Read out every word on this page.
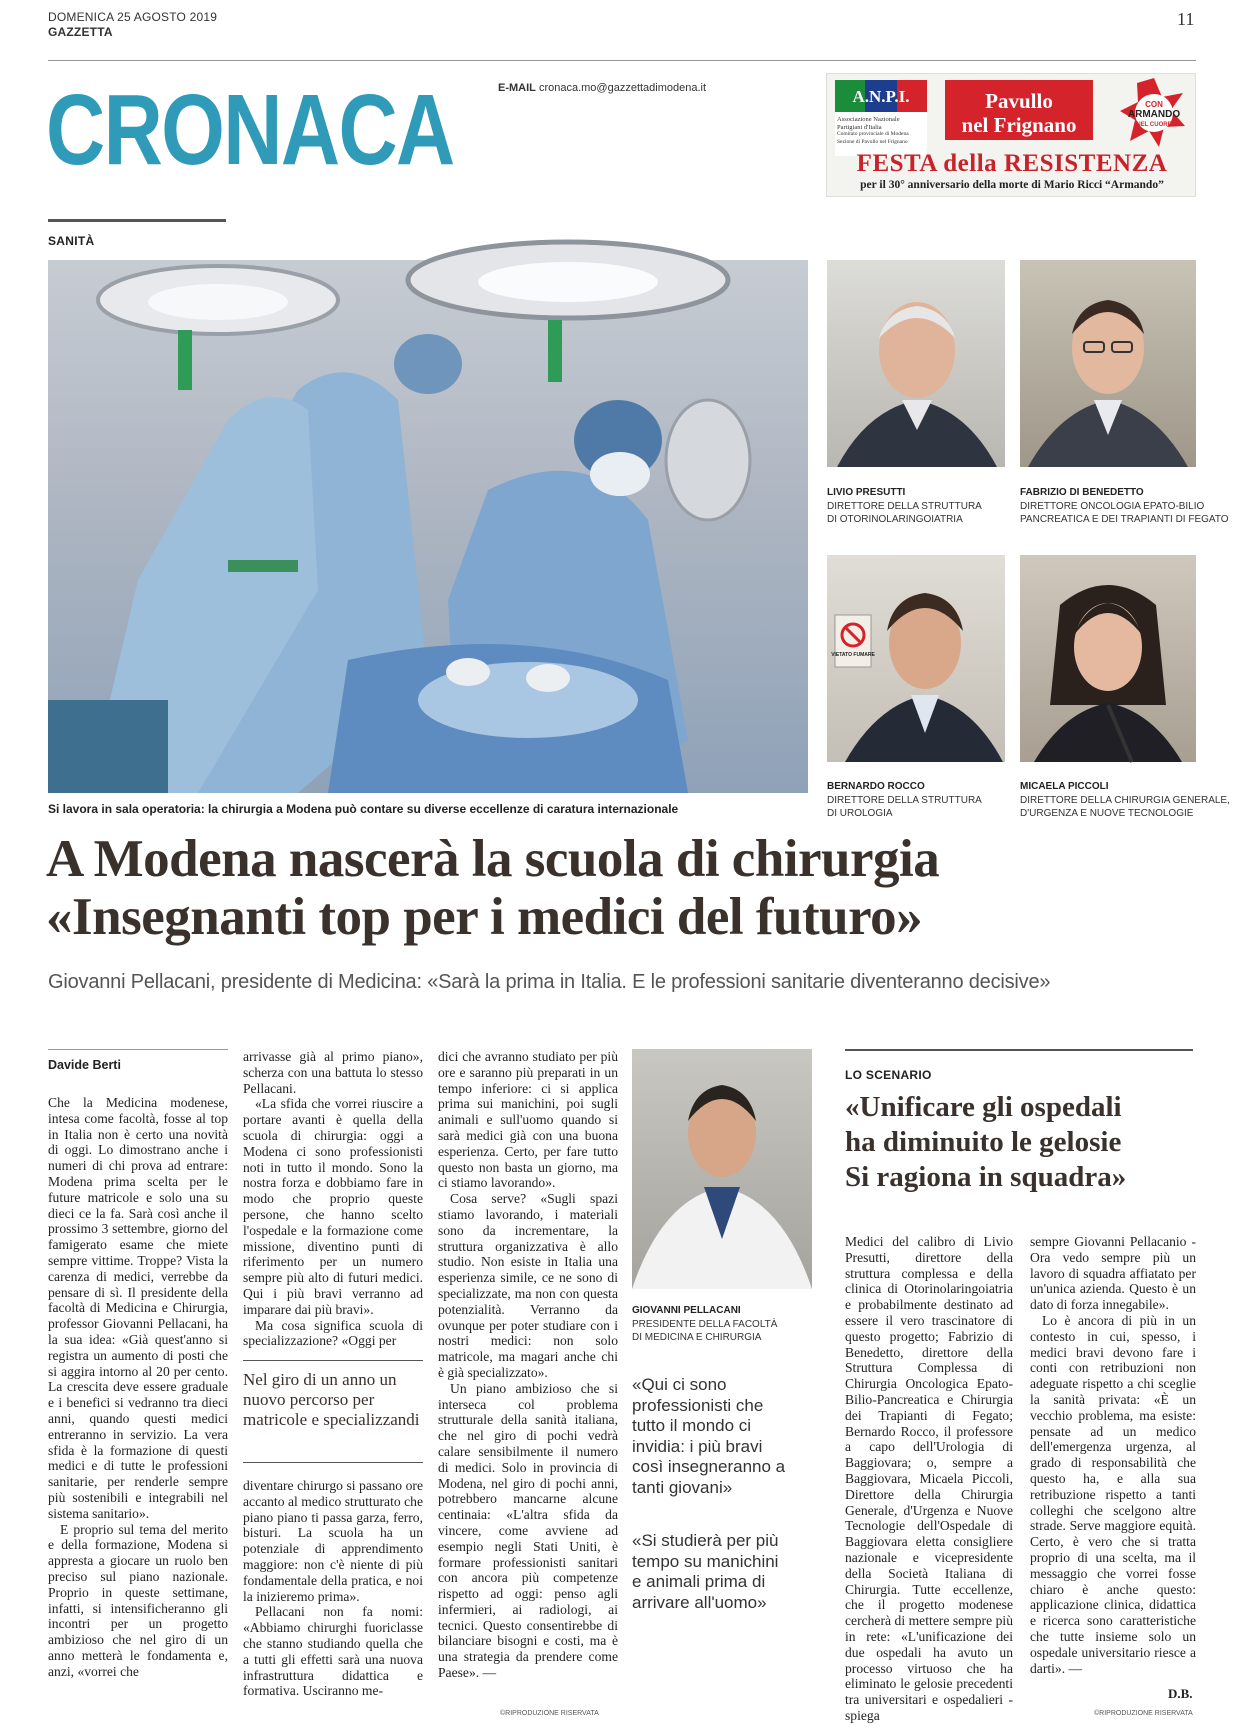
DOMENICA 25 AGOSTO 2019
GAZZETTA
11
CRONACA	E-MAIL cronaca.mo@gazzettadimodena.it	A.N.P.I.
Associazione Nazionale
Partigiani d'Italia
Comitato provinciale di Modena
Sezione di Pavullo nel Frignano
Pavullo
nel Frignano
CON
ARMANDO
NEL CUORE
FESTA della RESISTENZA
per il 30° anniversario della morte di Mario Ricci “Armando”
SANITÀ
Si lavora in sala operatoria: la chirurgia a Modena può contare su diverse eccellenze di caratura internazionale
LIVIO PRESUTTI
DIRETTORE DELLA STRUTTURA
DI OTORINOLARINGOIATRIA
FABRIZIO DI BENEDETTO
DIRETTORE ONCOLOGIA EPATO-BILIO
PANCREATICA E DEI TRAPIANTI DI FEGATO
VIETATO FUMARE
BERNARDO ROCCO
DIRETTORE DELLA STRUTTURA
DI UROLOGIA
MICAELA PICCOLI
DIRETTORE DELLA CHIRURGIA GENERALE,
D'URGENZA E NUOVE TECNOLOGIE
A Modena nascerà la scuola di chirurgia
«Insegnanti top per i medici del futuro»
Giovanni Pellacani, presidente di Medicina: «Sarà la prima in Italia. E le professioni sanitarie diventeranno decisive»
Davide Berti

Che la Medicina modenese, intesa come facoltà, fosse al top in Italia non è certo una novità di oggi. Lo dimostrano anche i numeri di chi prova ad entrare: Modena prima scelta per le future matricole e solo una su dieci ce la fa. Sarà così anche il prossimo 3 settembre, giorno del famigerato esame che miete sempre vittime. Troppe? Vista la carenza di medici, verrebbe da pensare di sì. Il presidente della facoltà di Medicina e Chirurgia, professor Giovanni Pellacani, ha la sua idea: «Già quest'anno si registra un aumento di posti che si aggira intorno al 20 per cento. La crescita deve essere graduale e i benefici si vedranno tra dieci anni, quando questi medici entreranno in servizio. La vera sfida è la formazione di questi medici e di tutte le professioni sanitarie, per renderle sempre più sostenibili e integrabili nel sistema sanitario».

E proprio sul tema del merito e della formazione, Modena si appresta a giocare un ruolo ben preciso sul piano nazionale. Proprio in queste settimane, infatti, si intensificheranno gli incontri per un progetto ambizioso che nel giro di un anno metterà le fondamenta e, anzi, «vorrei che

arrivasse già al primo piano», scherza con una battuta lo stesso Pellacani.

«La sfida che vorrei riuscire a portare avanti è quella della scuola di chirurgia: oggi a Modena ci sono professionisti noti in tutto il mondo. Sono la nostra forza e dobbiamo fare in modo che proprio queste persone, che hanno scelto l'ospedale e la formazione come missione, diventino punti di riferimento per un numero sempre più alto di futuri medici. Qui i più bravi verranno ad imparare dai più bravi».

Ma cosa significa scuola di specializzazione? «Oggi per

Nel giro di un anno un nuovo percorso per matricole e specializzandi

diventare chirurgo si passano ore accanto al medico strutturato che piano piano ti passa garza, ferro, bisturi. La scuola ha un potenziale di apprendimento maggiore: non c'è niente di più fondamentale della pratica, e noi la inizieremo prima».

Pellacani non fa nomi: «Abbiamo chirurghi fuoriclasse che stanno studiando quella che a tutti gli effetti sarà una nuova infrastruttura didattica e formativa. Usciranno me-

dici che avranno studiato per più ore e saranno più preparati in un tempo inferiore: ci si applica prima sui manichini, poi sugli animali e sull'uomo quando si sarà medici già con una buona esperienza. Certo, per fare tutto questo non basta un giorno, ma ci stiamo lavorando».

Cosa serve? «Sugli spazi stiamo lavorando, i materiali sono da incrementare, la struttura organizzativa è allo studio. Non esiste in Italia una esperienza simile, ce ne sono di specializzate, ma non con questa potenzialità. Verranno da ovunque per poter studiare con i nostri medici: non solo matricole, ma magari anche chi è già specializzato».

Un piano ambizioso che si interseca col problema strutturale della sanità italiana, che nel giro di pochi vedrà calare sensibilmente il numero di medici. Solo in provincia di Modena, nel giro di pochi anni, potrebbero mancarne alcune centinaia: «L'altra sfida da vincere, come avviene ad esempio negli Stati Uniti, è formare professionisti sanitari con ancora più competenze rispetto ad oggi: penso agli infermieri, ai radiologi, ai tecnici. Questo consentirebbe di bilanciare bisogni e costi, ma è una strategia da prendere come Paese». —

©RIPRODUZIONE RISERVATA
GIOVANNI PELLACANI
PRESIDENTE DELLA FACOLTÀ
DI MEDICINA E CHIRURGIA
«Qui ci sono professionisti che tutto il mondo ci invidia: i più bravi così insegneranno a tanti giovani»
«Si studierà per più tempo su manichini e animali prima di arrivare all'uomo»
LO SCENARIO
«Unificare gli ospedali
ha diminuito le gelosie
Si ragiona in squadra»

Medici del calibro di Livio Presutti, direttore della struttura complessa e della clinica di Otorinolaringoiatria e probabilmente destinato ad essere il vero trascinatore di questo progetto; Fabrizio di Benedetto, direttore della Struttura Complessa di Chirurgia Oncologica Epato-Bilio-Pancreatica e Chirurgia dei Trapianti di Fegato; Bernardo Rocco, il professore a capo dell'Urologia di Baggiovara; o, sempre a Baggiovara, Micaela Piccoli, Direttore della Chirurgia Generale, d'Urgenza e Nuove Tecnologie dell'Ospedale di Baggiovara eletta consigliere nazionale e vicepresidente della Società Italiana di Chirurgia. Tutte eccellenze, che il progetto modenese cercherà di mettere sempre più in rete: «L'unificazione dei due ospedali ha avuto un processo virtuoso che ha eliminato le gelosie precedenti tra universitari e ospedalieri - spiega

sempre Giovanni Pellacanio - Ora vedo sempre più un lavoro di squadra affiatato per un'unica azienda. Questo è un dato di forza innegabile».

Lo è ancora di più in un contesto in cui, spesso, i medici bravi devono fare i conti con retribuzioni non adeguate rispetto a chi sceglie la sanità privata: «È un vecchio problema, ma esiste: pensate ad un medico dell'emergenza urgenza, al grado di responsabilità che questo ha, e alla sua retribuzione rispetto a tanti colleghi che scelgono altre strade. Serve maggiore equità. Certo, è vero che si tratta proprio di una scelta, ma il messaggio che vorrei fosse chiaro è anche questo: applicazione clinica, didattica e ricerca sono caratteristiche che tutte insieme solo un ospedale universitario riesce a darti». —

D.B.
©RIPRODUZIONE RISERVATA
